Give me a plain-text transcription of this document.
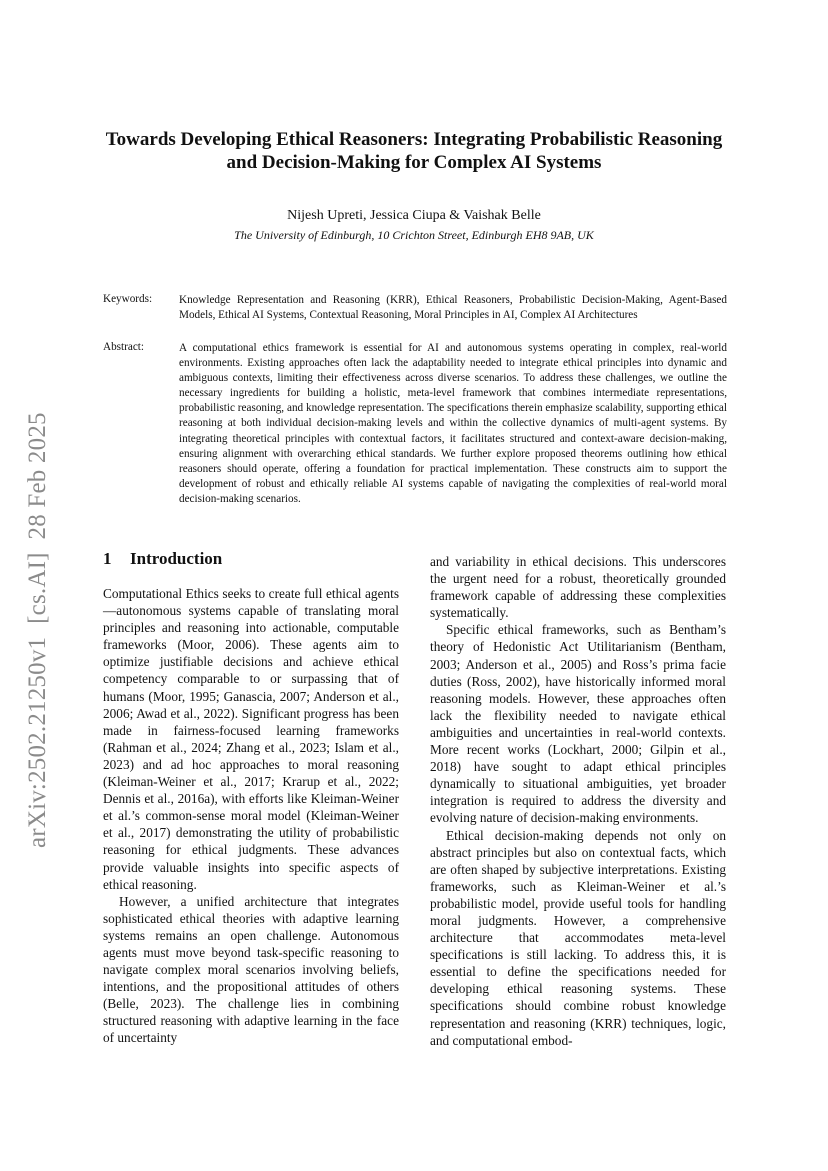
arXiv:2502.21250v1  [cs.AI]  28 Feb 2025
Towards Developing Ethical Reasoners: Integrating Probabilistic Reasoning and Decision-Making for Complex AI Systems
Nijesh Upreti, Jessica Ciupa & Vaishak Belle
The University of Edinburgh, 10 Crichton Street, Edinburgh EH8 9AB, UK
Keywords: Knowledge Representation and Reasoning (KRR), Ethical Reasoners, Probabilistic Decision-Making, Agent-Based Models, Ethical AI Systems, Contextual Reasoning, Moral Principles in AI, Complex AI Architectures
Abstract:	A computational ethics framework is essential for AI and autonomous systems operating in complex, real-world environments. Existing approaches often lack the adaptability needed to integrate ethical principles into dynamic and ambiguous contexts, limiting their effectiveness across diverse scenarios. To address these challenges, we outline the necessary ingredients for building a holistic, meta-level framework that combines intermediate representations, probabilistic reasoning, and knowledge representation. The specifications therein emphasize scalability, supporting ethical reasoning at both individual decision-making levels and within the collective dynamics of multi-agent systems. By integrating theoretical principles with contextual factors, it facilitates structured and context-aware decision-making, ensuring alignment with overarching ethical standards. We further explore proposed theorems outlining how ethical reasoners should operate, offering a foundation for practical implementation. These constructs aim to support the development of robust and ethically reliable AI systems capable of navigating the complexities of real-world moral decision-making scenarios.
1 Introduction

Computational Ethics seeks to create full ethical agents—autonomous systems capable of translating moral principles and reasoning into actionable, computable frameworks (Moor, 2006). These agents aim to optimize justifiable decisions and achieve ethical competency comparable to or surpassing that of humans (Moor, 1995; Ganascia, 2007; Anderson et al., 2006; Awad et al., 2022). Significant progress has been made in fairness-focused learning frameworks (Rahman et al., 2024; Zhang et al., 2023; Islam et al., 2023) and ad hoc approaches to moral reasoning (Kleiman-Weiner et al., 2017; Krarup et al., 2022; Dennis et al., 2016a), with efforts like Kleiman-Weiner et al.’s common-sense moral model (Kleiman-Weiner et al., 2017) demonstrating the utility of probabilistic reasoning for ethical judgments. These advances provide valuable insights into specific aspects of ethical reasoning.

However, a unified architecture that integrates sophisticated ethical theories with adaptive learning systems remains an open challenge. Autonomous agents must move beyond task-specific reasoning to navigate complex moral scenarios involving beliefs, intentions, and the propositional attitudes of others (Belle, 2023). The challenge lies in combining structured reasoning with adaptive learning in the face of uncertainty

and variability in ethical decisions. This underscores the urgent need for a robust, theoretically grounded framework capable of addressing these complexities systematically.

Specific ethical frameworks, such as Bentham’s theory of Hedonistic Act Utilitarianism (Bentham, 2003; Anderson et al., 2005) and Ross’s prima facie duties (Ross, 2002), have historically informed moral reasoning models. However, these approaches often lack the flexibility needed to navigate ethical ambiguities and uncertainties in real-world contexts. More recent works (Lockhart, 2000; Gilpin et al., 2018) have sought to adapt ethical principles dynamically to situational ambiguities, yet broader integration is required to address the diversity and evolving nature of decision-making environments.

Ethical decision-making depends not only on abstract principles but also on contextual facts, which are often shaped by subjective interpretations. Existing frameworks, such as Kleiman-Weiner et al.’s probabilistic model, provide useful tools for handling moral judgments. However, a comprehensive architecture that accommodates meta-level specifications is still lacking. To address this, it is essential to define the specifications needed for developing ethical reasoning systems. These specifications should combine robust knowledge representation and reasoning (KRR) techniques, logic, and computational embod-
